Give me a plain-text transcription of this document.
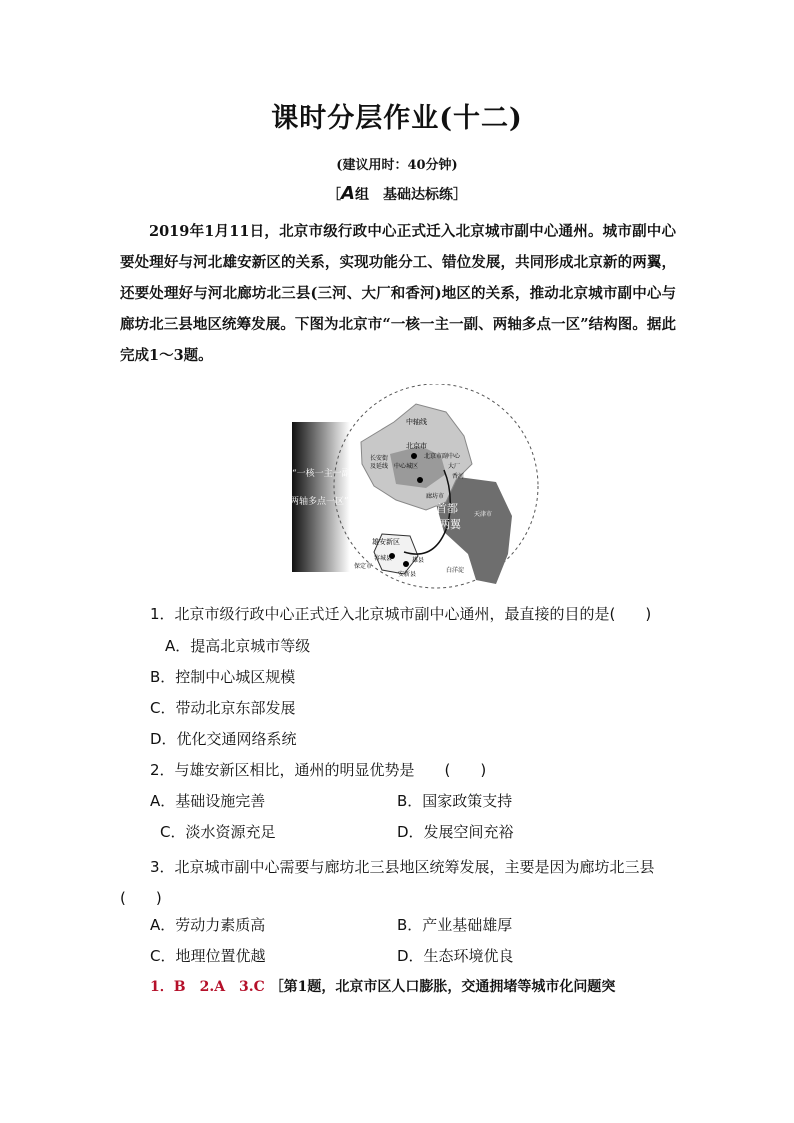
课时分层作业(十二)
(建议用时：40分钟)
［A组　基础达标练］
2019年1月11日，北京市级行政中心正式迁入北京城市副中心通州。城市副中心要处理好与河北雄安新区的关系，实现功能分工、错位发展，共同形成北京新的两翼，还要处理好与河北廊坊北三县(三河、大厂和香河)地区的关系，推动北京城市副中心与廊坊北三县地区统筹发展。下图为北京市“一核一主一副、两轴多点一区”结构图。据此完成1～3题。
中轴线
北京市
北京市副中心
长安街
及延线 中心城区	大厂
香河
廊坊市
天津市
首都
新两翼
雄安新区
容城县	雄县
安新县
保定市
白洋淀
“一核一主一副、
两轴多点一区”
1．北京市级行政中心正式迁入北京城市副中心通州，最直接的目的是(　　)
A．提高北京城市等级
B．控制中心城区规模
C．带动北京东部发展
D．优化交通网络系统
2．与雄安新区相比，通州的明显优势是　　(　　)
A．基础设施完善	B．国家政策支持
C．淡水资源充足	D．发展空间充裕
3．北京城市副中心需要与廊坊北三县地区统筹发展，主要是因为廊坊北三县(　　)
A．劳动力素质高	B．产业基础雄厚
C．地理位置优越	D．生态环境优良
1．B　2.A　3.C ［第1题，北京市区人口膨胀，交通拥堵等城市化问题突
